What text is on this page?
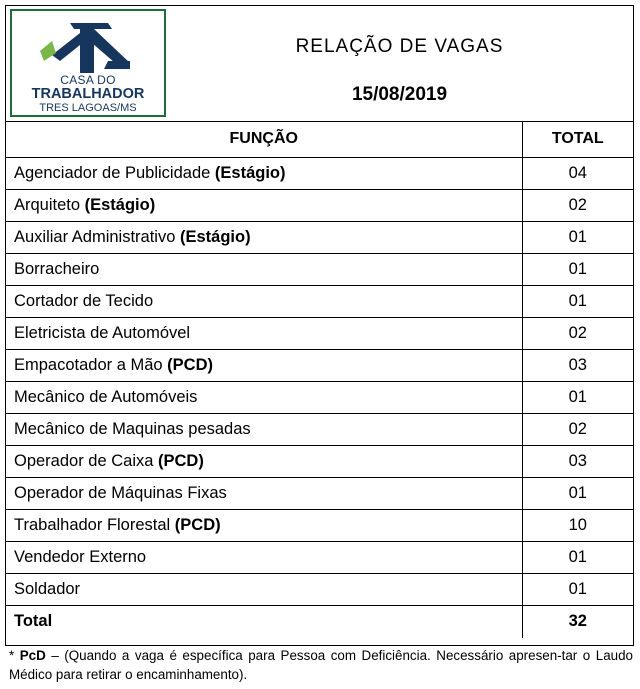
CASA DO
TRABALHADOR
TRES LAGOAS/MS
RELAÇÃO DE VAGAS
15/08/2019
FUNÇÃO	TOTAL
Agenciador de Publicidade (Estágio)	04
Arquiteto (Estágio)	02
Auxiliar Administrativo (Estágio)	01
Borracheiro	01
Cortador de Tecido	01
Eletricista de Automóvel	02
Empacotador a Mão (PCD)	03
Mecânico de Automóveis	01
Mecânico de Maquinas pesadas	02
Operador de Caixa (PCD)	03
Operador de Máquinas Fixas	01
Trabalhador Florestal (PCD)	10
Vendedor Externo	01
Soldador	01
Total	32
* PcD – (Quando a vaga é específica para Pessoa com Deficiência. Necessário apresen-tar o Laudo Médico para retirar o encaminhamento).
